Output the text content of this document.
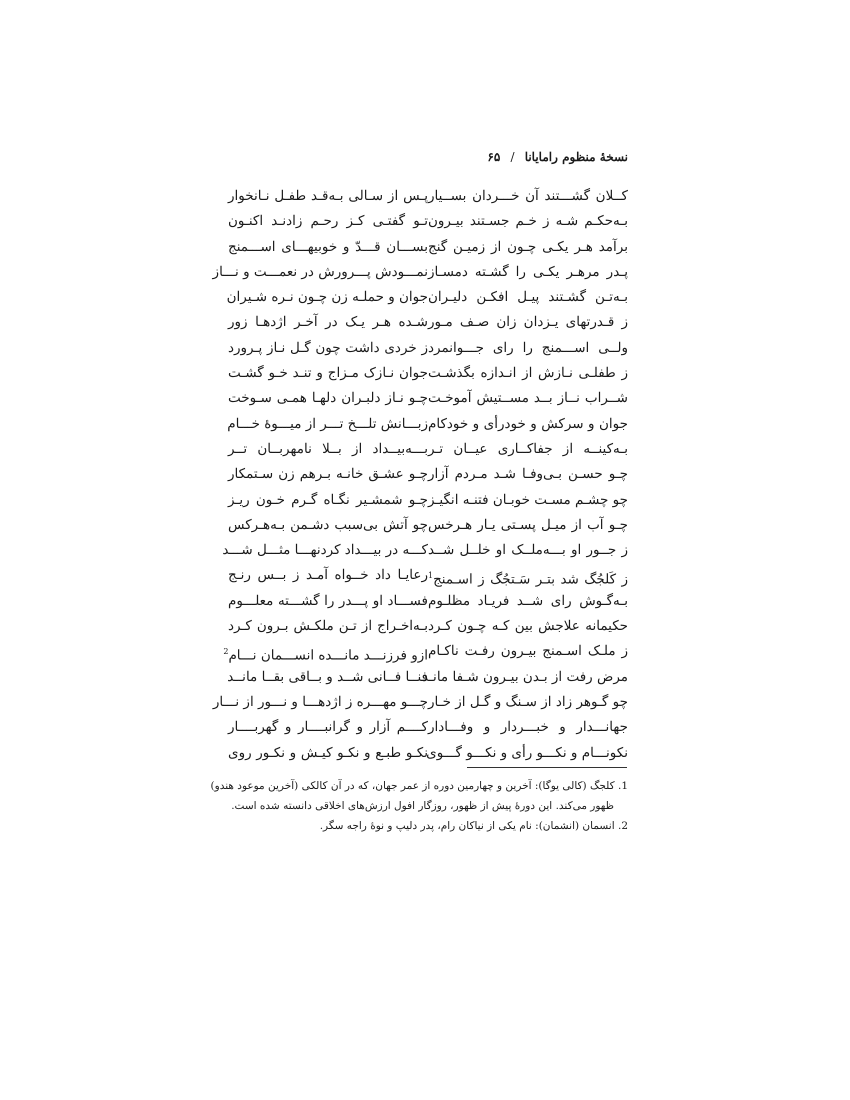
نسخهٔ منظوم رامایانا / ۶۵
کــلان گشـــتند آن خـــردان بســیار
بـه‌حکـم شـه ز خـم جسـتند بیـرون
برآمد هـر یکـی چـون از زمیـن گنج
پـدر مرهـر یکـی را گشـته دمسـاز
بـه‌تـن گشـتند پیـل افکـن دلیـران
ز قـدرتهای یـزدان زان صـف مـور
ولــی اســـمنج را رای جـــوانمرد
ز طفلـی نـازش از انـدازه بگذشـت
شــراب نــاز بــد مســتیش آموخـت
جوان و سرکش و خودرأی و خودکام
بـه‌کینــه از جفاکــاری عیــان تـر
چـو حسـن بـی‌وفـا شـد مـردم آزار
چو چشـم مسـت خوبـان فتنـه انگیـز
چـو آب از میـل پسـتی یـار هـرخس
ز جــور او بـــه‌ملــک او خلــل شــد
ز کَلجُگ شد بتـر سَـتجُگ ز اسـمنج$^1$
بـه‌گـوش رای شــد فریـاد مظلـوم
حکیمانه علاجش بین کـه چـون کـرد
ز ملـک اسـمنج بیـرون رفـت ناکـام
مرض رفت از بـدن بیـرون شـفا مانـد
چو گـوهر زاد از سـنگ و گـل از خـار
جهانـــدار و خبـــردار و وفـــادار
نکونـــام و نکـــو رأی و نکـــو گـــوی
پـس از سـالی بـه‌قـد طفـل نـانخوار
تـو گفتـی کـز رحـم زادنـد اکنـون
بســـان قـــدّ و خوبیهـــای اســـمنج
نمـــودش پـــرورش در نعمـــت و نـــاز
جوان و حملـه زن چـون نـره شـیران
شـده هـر یـک در آخـر اژدهـا زور
ز خردی داشت چون گـل نـاز پـرورد
جوان نـازک مـزاج و تنـد خـو گشـت
چـو نـاز دلبـران دلهـا همـی سـوخت
زبـــانش تلـــخ تـــر از میـــوهٔ خـــام
بـــه‌بیــداد از بــلا نامهربــان تــر
چـو عشـق خانـه بـرهم زن سـتمکار
چـو شمشـیر نگـاه گـرم خـون ریـز
چو آتش بی‌سبب دشـمن بـه‌هـرکس
کـــه در بیـــداد کردنهـــا مثـــل شـــد
رعایـا داد خــواه آمـد ز بــس رنـج
فســـاد او پـــدر را گشـــته معلـــوم
بـه‌اخـراج از تـن ملکـش بـرون کـرد
ازو فرزنـــد مانـــده انســـمان نـــام$^2$
فنــا فــانی شــد و بــاقی بقــا مانــد
چـــو مهـــره ز اژدهـــا و نـــور از نـــار
کــــم آزار و گرانبــــار و گهربــــار
نکـو طبـع و نکـو کیـش و نکـور روی
1. کلجگ (کالی یوگا): آخرین و چهارمین دوره از عمر جهان، که در آن کالکی (آخرین موعود هندو)
ظهور می‌کند. این دورهٔ پیش از ظهور، روزگار افول ارزش‌های اخلاقی دانسته شده است.
2. انسمان (انشمان): نام یکی از نیاکان رام، پدر دلیپ و نوهٔ راجه سگر.
